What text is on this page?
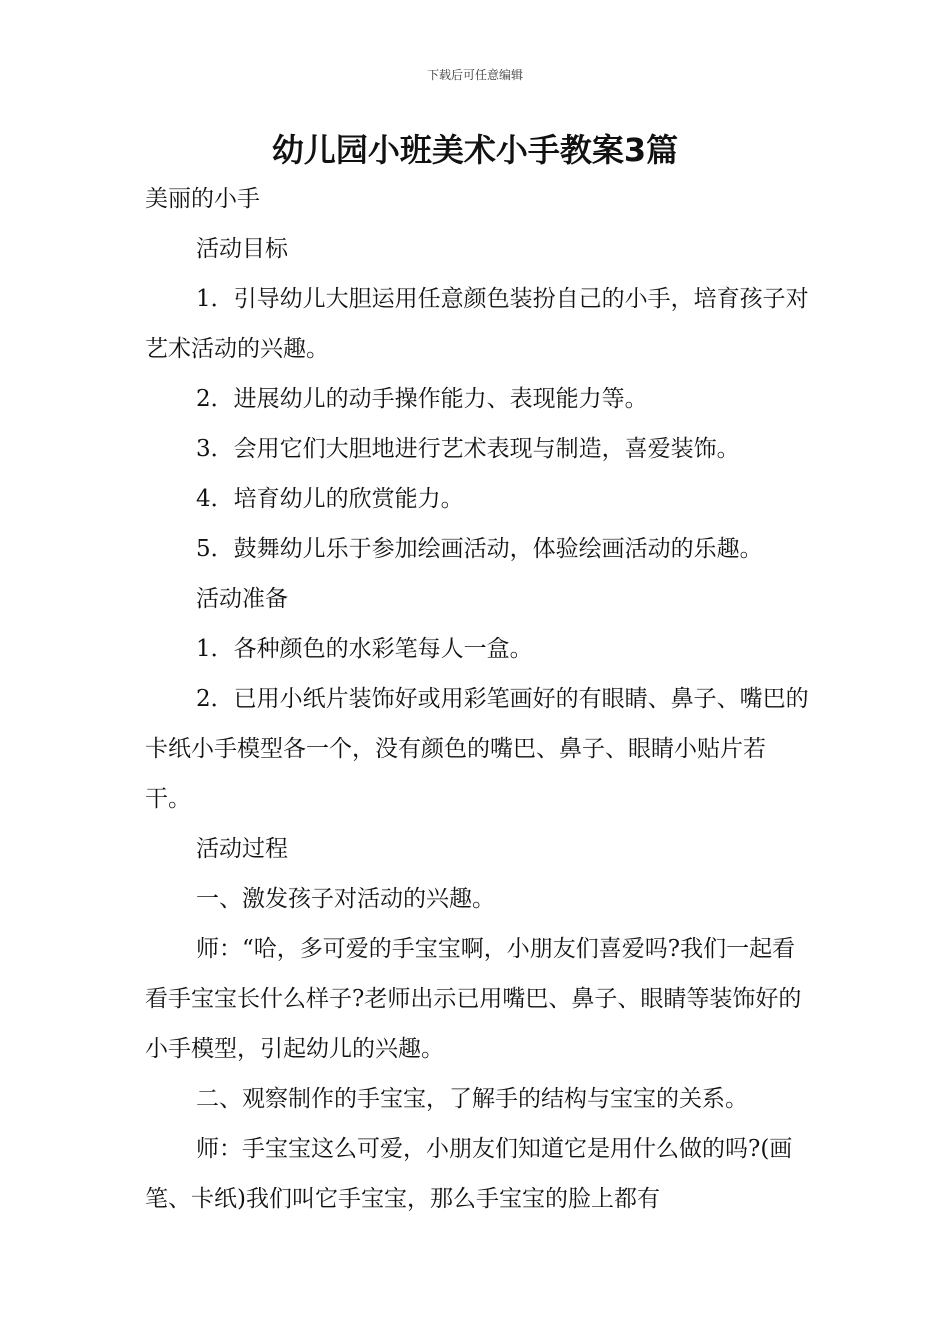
下载后可任意编辑
幼儿园小班美术小手教案3篇

美丽的小手

活动目标

1．引导幼儿大胆运用任意颜色装扮自己的小手，培育孩子对艺术活动的兴趣。

2．进展幼儿的动手操作能力、表现能力等。

3．会用它们大胆地进行艺术表现与制造，喜爱装饰。

4．培育幼儿的欣赏能力。

5．鼓舞幼儿乐于参加绘画活动，体验绘画活动的乐趣。

活动准备

1．各种颜色的水彩笔每人一盒。

2．已用小纸片装饰好或用彩笔画好的有眼睛、鼻子、嘴巴的卡纸小手模型各一个，没有颜色的嘴巴、鼻子、眼睛小贴片若干。

活动过程

一、激发孩子对活动的兴趣。

师：“哈，多可爱的手宝宝啊，小朋友们喜爱吗?我们一起看看手宝宝长什么样子?老师出示已用嘴巴、鼻子、眼睛等装饰好的小手模型，引起幼儿的兴趣。

二、观察制作的手宝宝，了解手的结构与宝宝的关系。

师：手宝宝这么可爱，小朋友们知道它是用什么做的吗?(画笔、卡纸)我们叫它手宝宝，那么手宝宝的脸上都有
